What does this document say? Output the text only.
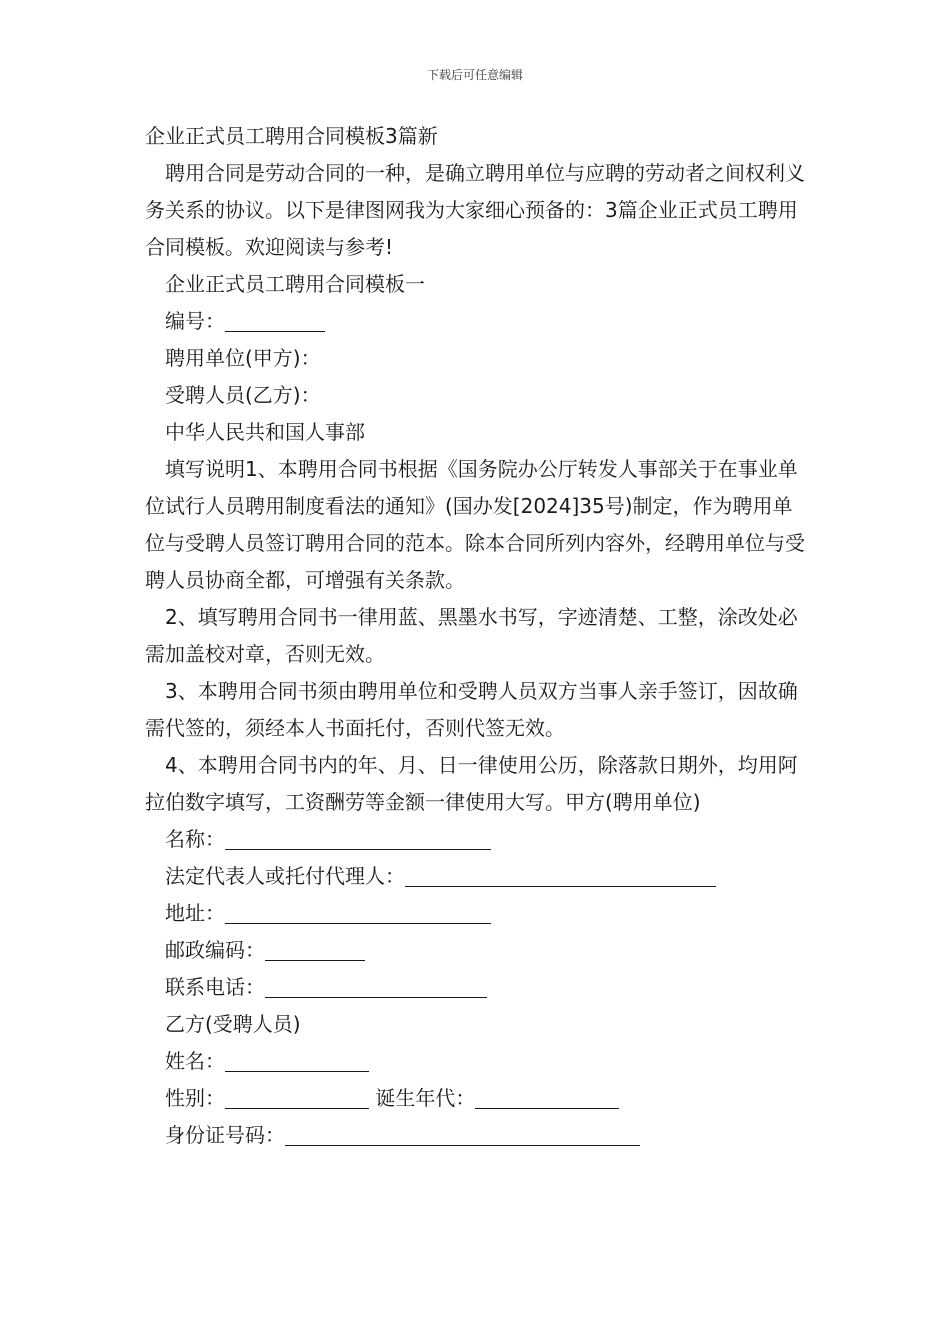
下载后可任意编辑

企业正式员工聘用合同模板3篇新

聘用合同是劳动合同的一种，是确立聘用单位与应聘的劳动者之间权利义务关系的协议。以下是律图网我为大家细心预备的：3篇企业正式员工聘用合同模板。欢迎阅读与参考!

企业正式员工聘用合同模板一

编号：

聘用单位(甲方)：

受聘人员(乙方)：

中华人民共和国人事部

填写说明1、本聘用合同书根据《国务院办公厅转发人事部关于在事业单位试行人员聘用制度看法的通知》(国办发[2024]35号)制定，作为聘用单位与受聘人员签订聘用合同的范本。除本合同所列内容外，经聘用单位与受聘人员协商全都，可增强有关条款。

2、填写聘用合同书一律用蓝、黑墨水书写，字迹清楚、工整，涂改处必需加盖校对章，否则无效。

3、本聘用合同书须由聘用单位和受聘人员双方当事人亲手签订，因故确需代签的，须经本人书面托付，否则代签无效。

4、本聘用合同书内的年、月、日一律使用公历，除落款日期外，均用阿拉伯数字填写，工资酬劳等金额一律使用大写。甲方(聘用单位)

名称：

法定代表人或托付代理人：

地址：

邮政编码：

联系电话：

乙方(受聘人员)

姓名：

性别：	诞生年代：

身份证号码：
